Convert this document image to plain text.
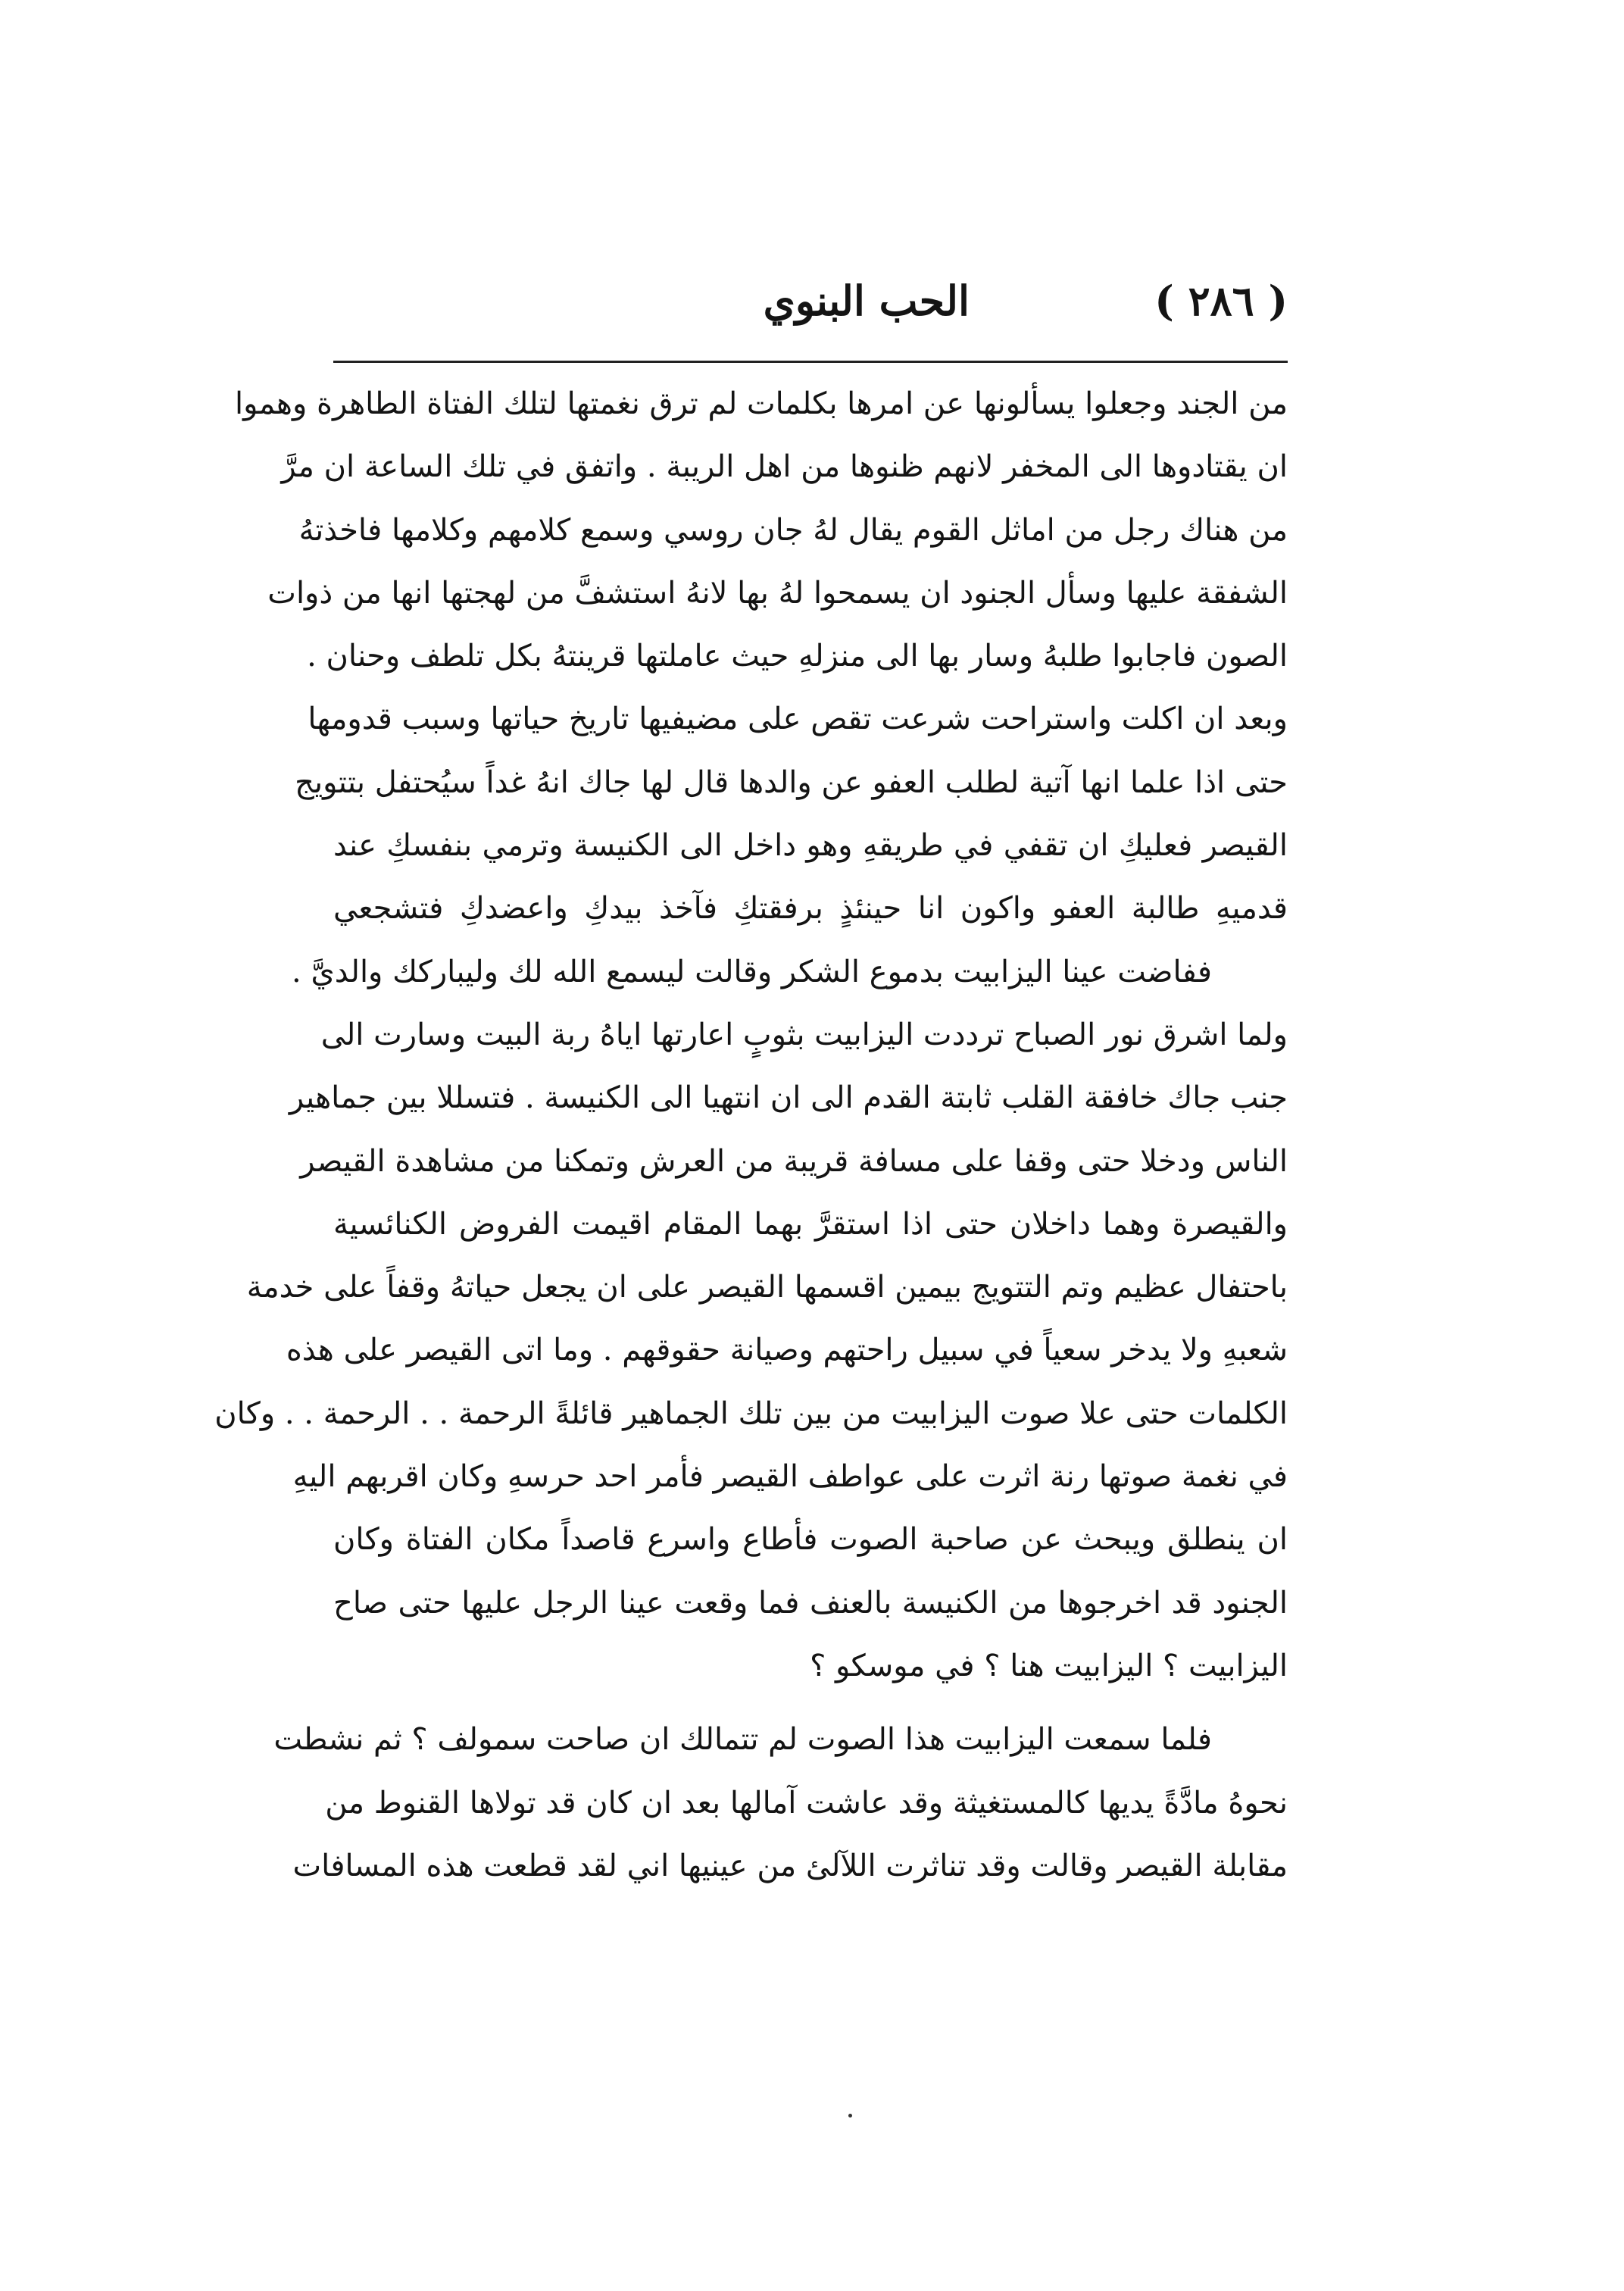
الحب البنوي	( ٢٨٦ )
من الجند وجعلوا يسألونها عن امرها بكلمات لم ترق نغمتها لتلك الفتاة الطاهرة وهموا
ان يقتادوها الى المخفر لانهم ظنوها من اهل الريبة . واتفق في تلك الساعة ان مرَّ
من هناك رجل من اماثل القوم يقال لهُ جان روسي وسمع كلامهم وكلامها فاخذتهُ
الشفقة عليها وسأل الجنود ان يسمحوا لهُ بها لانهُ استشفَّ من لهجتها انها من ذوات
الصون فاجابوا طلبهُ وسار بها الى منزلهِ حيث عاملتها قرينتهُ بكل تلطف وحنان .
وبعد ان اكلت واستراحت شرعت تقص على مضيفيها تاريخ حياتها وسبب قدومها
حتى اذا علما انها آتية لطلب العفو عن والدها قال لها جاك انهُ غداً سيُحتفل بتتويج
القيصر فعليكِ ان تقفي في طريقهِ وهو داخل الى الكنيسة وترمي بنفسكِ عند
قدميهِ طالبة العفو واكون انا حينئذٍ برفقتكِ فآخذ بيدكِ واعضدكِ فتشجعي
ففاضت عينا اليزابيت بدموع الشكر وقالت ليسمع الله لك وليباركك والديَّ .
ولما اشرق نور الصباح ترددت اليزابيت بثوبٍ اعارتها اياهُ ربة البيت وسارت الى
جنب جاك خافقة القلب ثابتة القدم الى ان انتهيا الى الكنيسة . فتسللا بين جماهير
الناس ودخلا حتى وقفا على مسافة قريبة من العرش وتمكنا من مشاهدة القيصر
والقيصرة وهما داخلان حتى اذا استقرَّ بهما المقام اقيمت الفروض الكنائسية
باحتفال عظيم وتم التتويج بيمين اقسمها القيصر على ان يجعل حياتهُ وقفاً على خدمة
شعبهِ ولا يدخر سعياً في سبيل راحتهم وصيانة حقوقهم . وما اتى القيصر على هذه
الكلمات حتى علا صوت اليزابيت من بين تلك الجماهير قائلةً الرحمة . . الرحمة . . وكان
في نغمة صوتها رنة اثرت على عواطف القيصر فأمر احد حرسهِ وكان اقربهم اليهِ
ان ينطلق ويبحث عن صاحبة الصوت فأطاع واسرع قاصداً مكان الفتاة وكان
الجنود قد اخرجوها من الكنيسة بالعنف فما وقعت عينا الرجل عليها حتى صاح
اليزابيت ؟ اليزابيت هنا ؟ في موسكو ؟
فلما سمعت اليزابيت هذا الصوت لم تتمالك ان صاحت سمولف ؟ ثم نشطت
نحوهُ مادَّةً يديها كالمستغيثة وقد عاشت آمالها بعد ان كان قد تولاها القنوط من
مقابلة القيصر وقالت وقد تناثرت اللآلئ من عينيها اني لقد قطعت هذه المسافات
